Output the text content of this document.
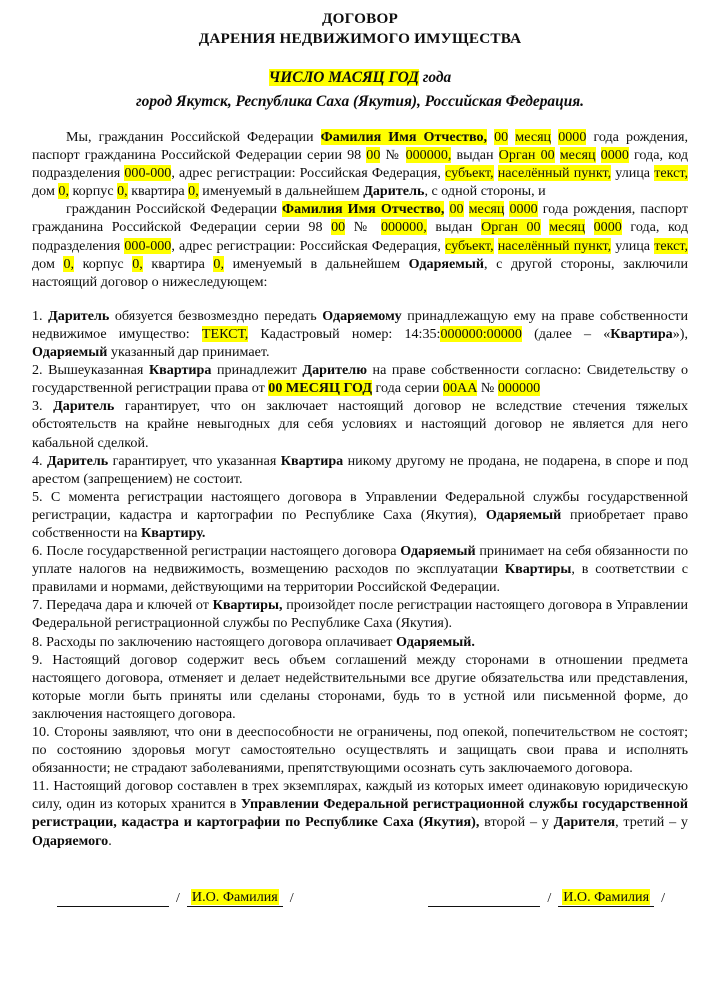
ДОГОВОР
ДАРЕНИЯ НЕДВИЖИМОГО ИМУЩЕСТВА
ЧИСЛО МАСЯЦ ГОД года
город Якутск, Республика Саха (Якутия), Российская Федерация.

Мы, гражданин Российской Федерации Фамилия Имя Отчество, 00 месяц 0000 года рождения, паспорт гражданина Российской Федерации серии 98 00 № 000000, выдан Орган 00 месяц 0000 года, код подразделения 000-000, адрес регистрации: Российская Федерация, субъект, населённый пункт, улица текст, дом 0, корпус 0, квартира 0, именуемый в дальнейшем Даритель, с одной стороны, и

гражданин Российской Федерации Фамилия Имя Отчество, 00 месяц 0000 года рождения, паспорт гражданина Российской Федерации серии 98 00 № 000000, выдан Орган 00 месяц 0000 года, код подразделения 000-000, адрес регистрации: Российская Федерация, субъект, населённый пункт, улица текст, дом 0, корпус 0, квартира 0, именуемый в дальнейшем Одаряемый, с другой стороны, заключили настоящий договор о нижеследующем:

1. Даритель обязуется безвозмездно передать Одаряемому принадлежащую ему на праве собственности недвижимое имущество: ТЕКСТ, Кадастровый номер: 14:35:000000:00000 (далее – «Квартира»), Одаряемый указанный дар принимает.

2. Вышеуказанная Квартира принадлежит Дарителю на праве собственности согласно: Свидетельству о государственной регистрации права от 00 МЕСЯЦ ГОД года серии 00АА № 000000

3. Даритель гарантирует, что он заключает настоящий договор не вследствие стечения тяжелых обстоятельств на крайне невыгодных для себя условиях и настоящий договор не является для него кабальной сделкой.

4. Даритель гарантирует, что указанная Квартира никому другому не продана, не подарена, в споре и под арестом (запрещением) не состоит.

5. С момента регистрации настоящего договора в Управлении Федеральной службы государственной регистрации, кадастра и картографии по Республике Саха (Якутия), Одаряемый приобретает право собственности на Квартиру.

6. После государственной регистрации настоящего договора Одаряемый принимает на себя обязанности по уплате налогов на недвижимость, возмещению расходов по эксплуатации Квартиры, в соответствии с правилами и нормами, действующими на территории Российской Федерации.

7. Передача дара и ключей от Квартиры, произойдет после регистрации настоящего договора в Управлении Федеральной регистрационной службы по Республике Саха (Якутия).

8. Расходы по заключению настоящего договора оплачивает Одаряемый.

9. Настоящий договор содержит весь объем соглашений между сторонами в отношении предмета настоящего договора, отменяет и делает недействительными все другие обязательства или представления, которые могли быть приняты или сделаны сторонами, будь то в устной или письменной форме, до заключения настоящего договора.

10. Стороны заявляют, что они в дееспособности не ограничены, под опекой, попечительством не состоят; по состоянию здоровья могут самостоятельно осуществлять и защищать свои права и исполнять обязанности; не страдают заболеваниями, препятствующими осознать суть заключаемого договора.

11. Настоящий договор составлен в трех экземплярах, каждый из которых имеет одинаковую юридическую силу, один из которых хранится в Управлении Федеральной регистрационной службы государственной регистрации, кадастра и картографии по Республике Саха (Якутия), второй – у Дарителя, третий – у Одаряемого.

/ И.О. Фамилия /	/ И.О. Фамилия /
